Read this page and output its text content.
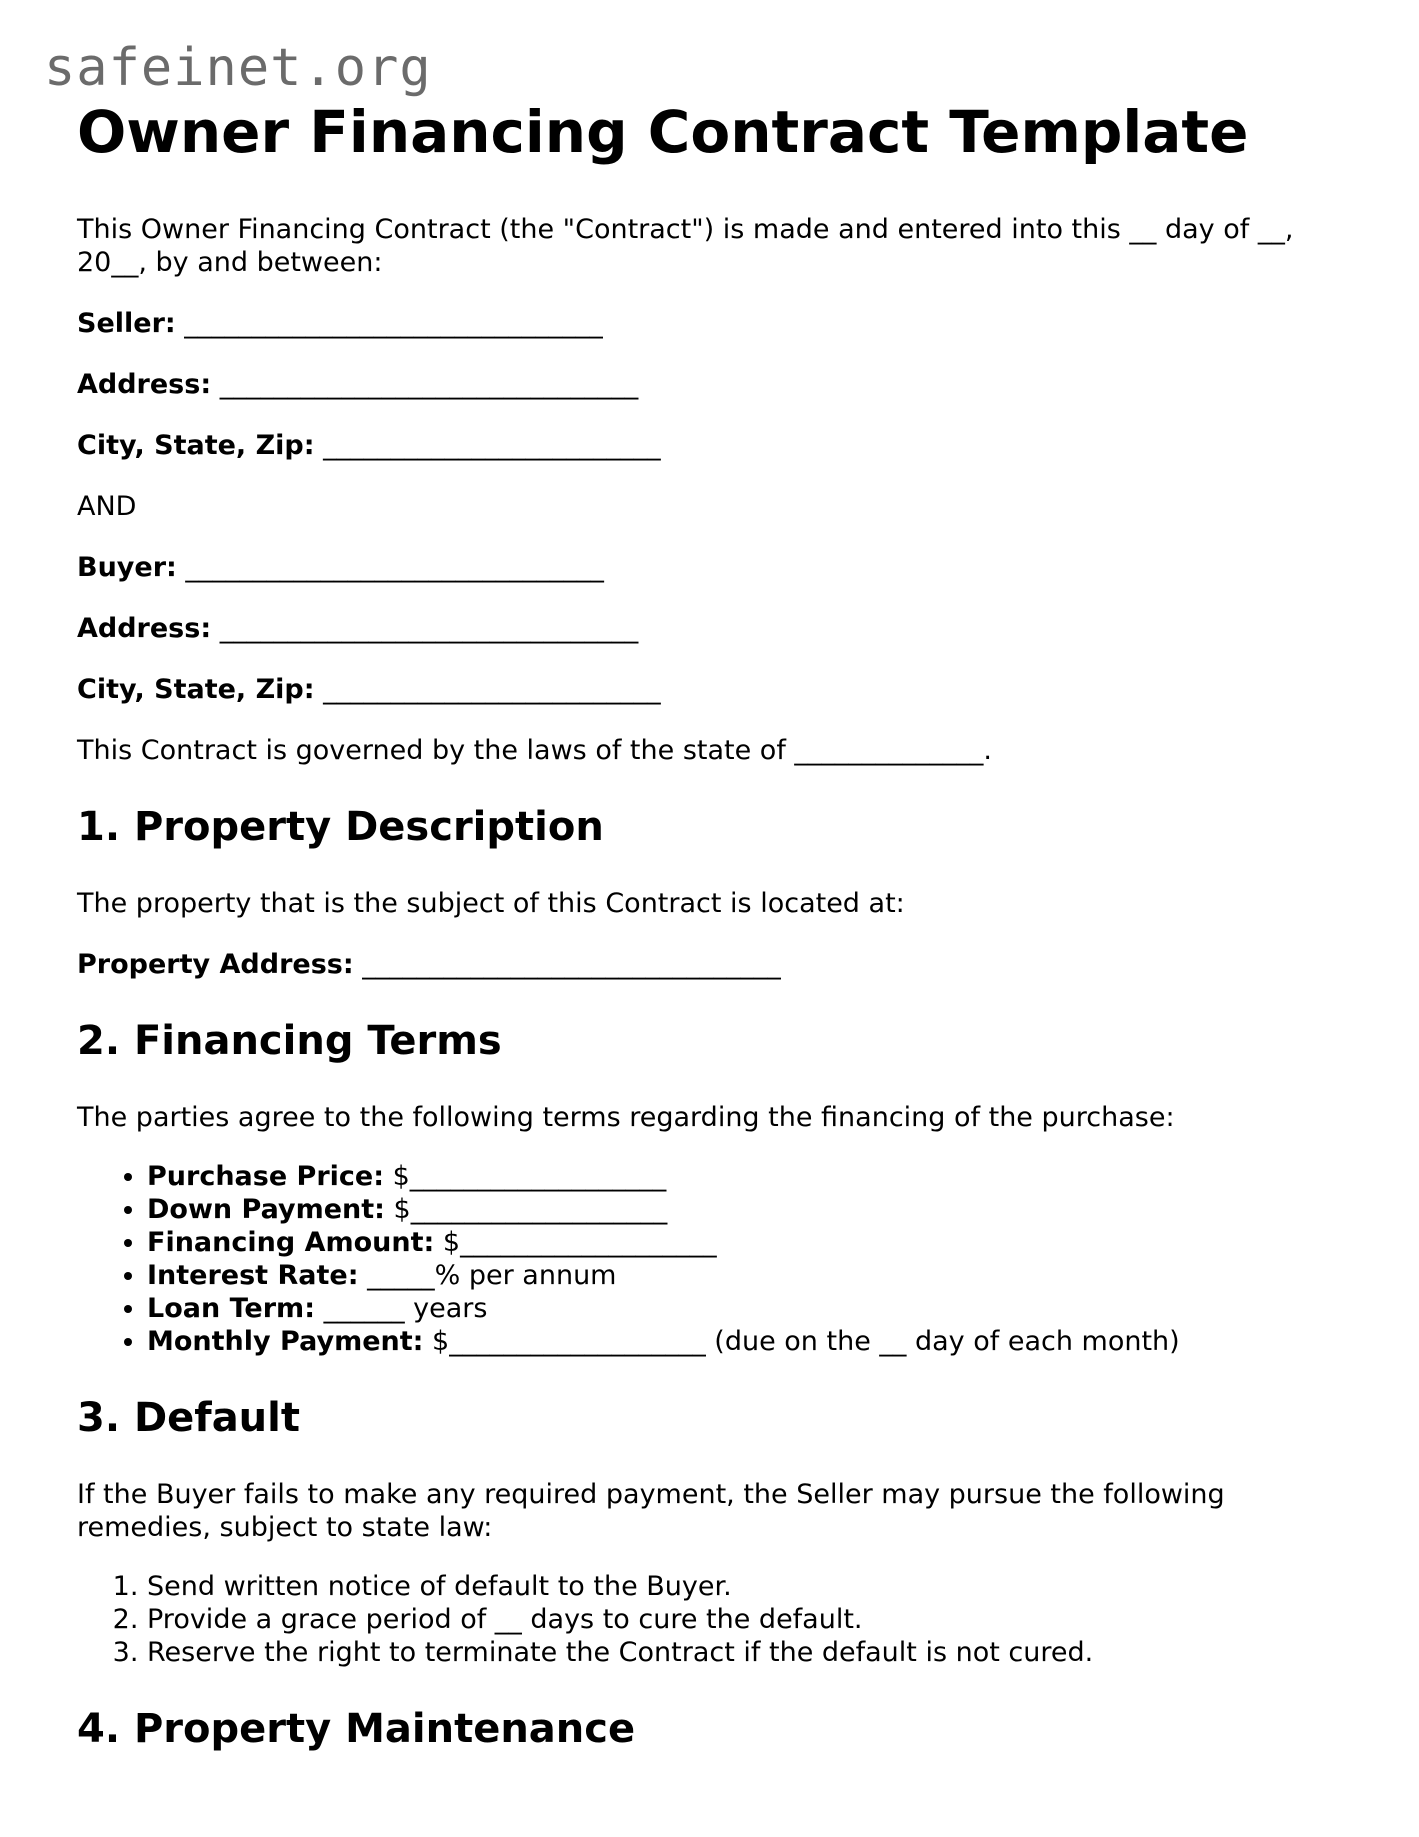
safeinet.org
Owner Financing Contract Template

This Owner Financing Contract (the "Contract") is made and entered into this __ day of __, 20__, by and between:

Seller: _______________________________

Address: _______________________________

City, State, Zip: _________________________

AND

Buyer: _______________________________

Address: _______________________________

City, State, Zip: _________________________

This Contract is governed by the laws of the state of ______________.

1. Property Description

The property that is the subject of this Contract is located at:

Property Address: _______________________________

2. Financing Terms

The parties agree to the following terms regarding the financing of the purchase:

• Purchase Price: $___________________
• Down Payment: $___________________
• Financing Amount: $___________________
• Interest Rate: _____% per annum
• Loan Term: ______ years
• Monthly Payment: $___________________ (due on the __ day of each month)
3. Default

If the Buyer fails to make any required payment, the Seller may pursue the following remedies, subject to state law:

1. Send written notice of default to the Buyer.
2. Provide a grace period of __ days to cure the default.
3. Reserve the right to terminate the Contract if the default is not cured.
4. Property Maintenance
